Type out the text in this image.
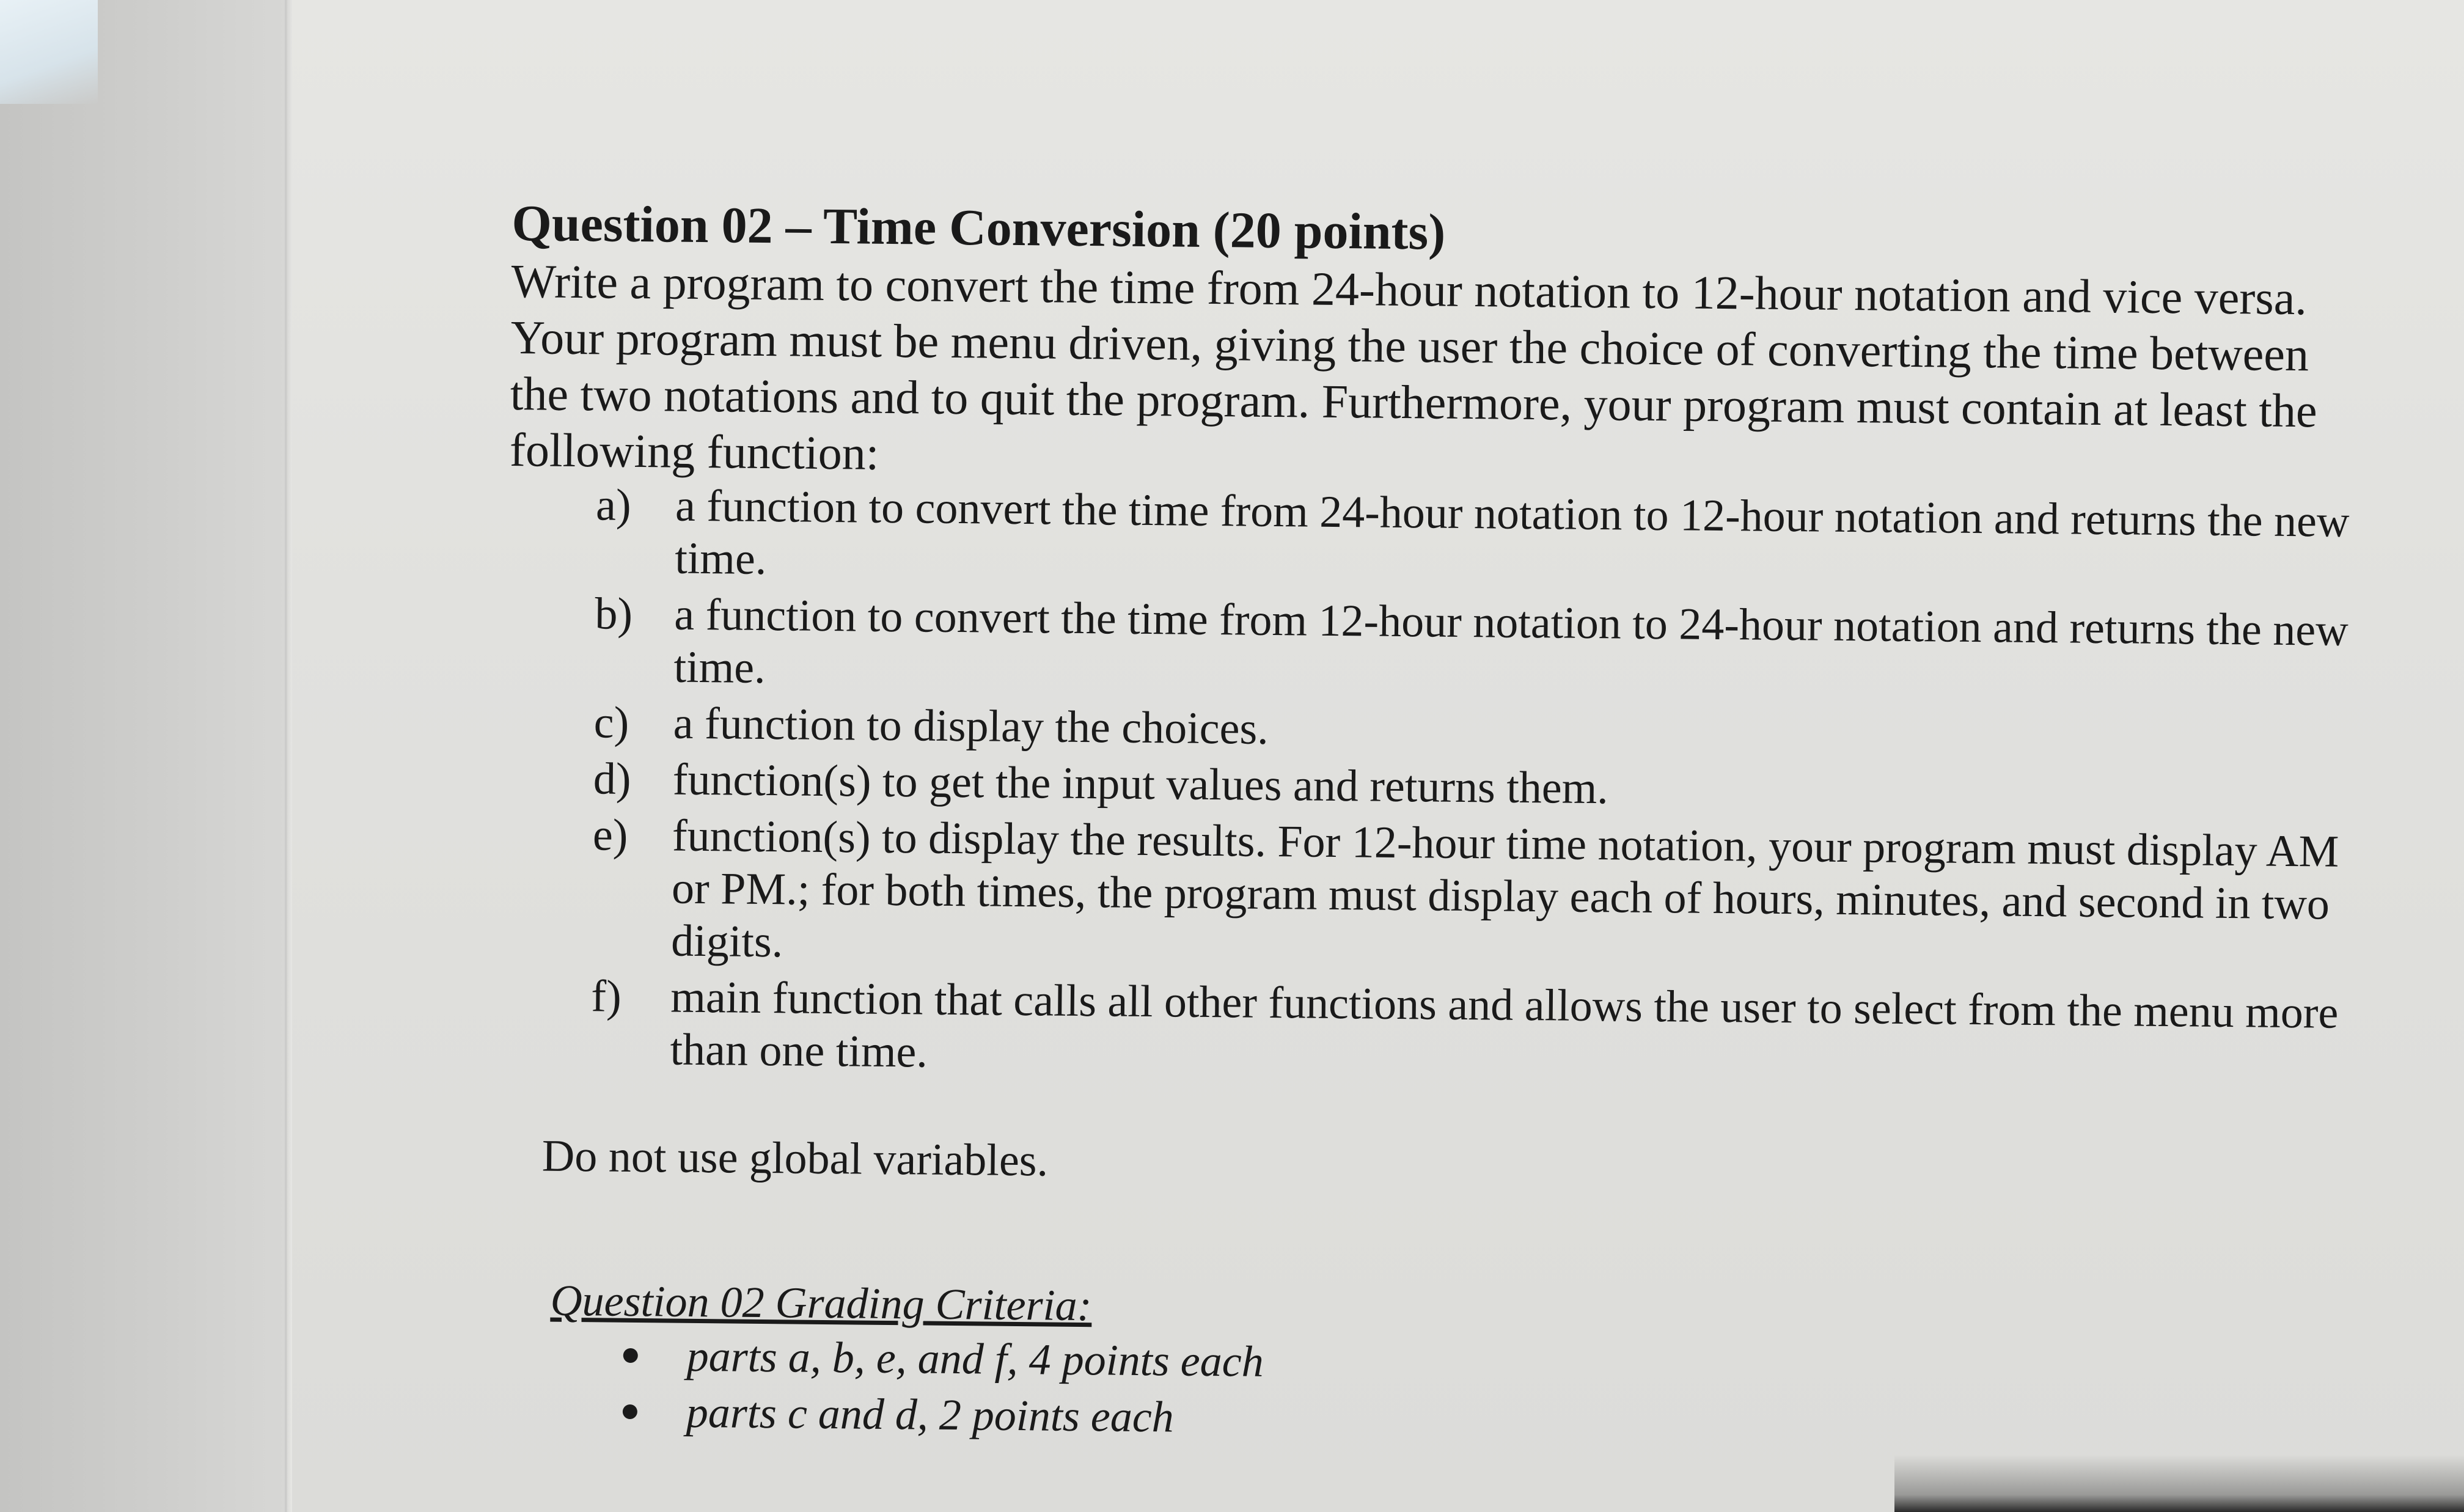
Question 02 – Time Conversion (20 points)

Write a program to convert the time from 24-hour notation to 12-hour notation and vice versa. Your program must be menu driven, giving the user the choice of converting the time between the two notations and to quit the program. Furthermore, your program must contain at least the following function:

a) a function to convert the time from 24-hour notation to 12-hour notation and returns the new time.
b) a function to convert the time from 12-hour notation to 24-hour notation and returns the new time.
c) a function to display the choices.
d) function(s) to get the input values and returns them.
e) function(s) to display the results. For 12-hour time notation, your program must display AM or PM.; for both times, the program must display each of hours, minutes, and second in two digits.
f)	main function that calls all other functions and allows the user to select from the menu more than one time.

Do not use global variables.

Question 02 Grading Criteria:

parts a, b, e, and f, 4 points each
parts c and d, 2 points each
